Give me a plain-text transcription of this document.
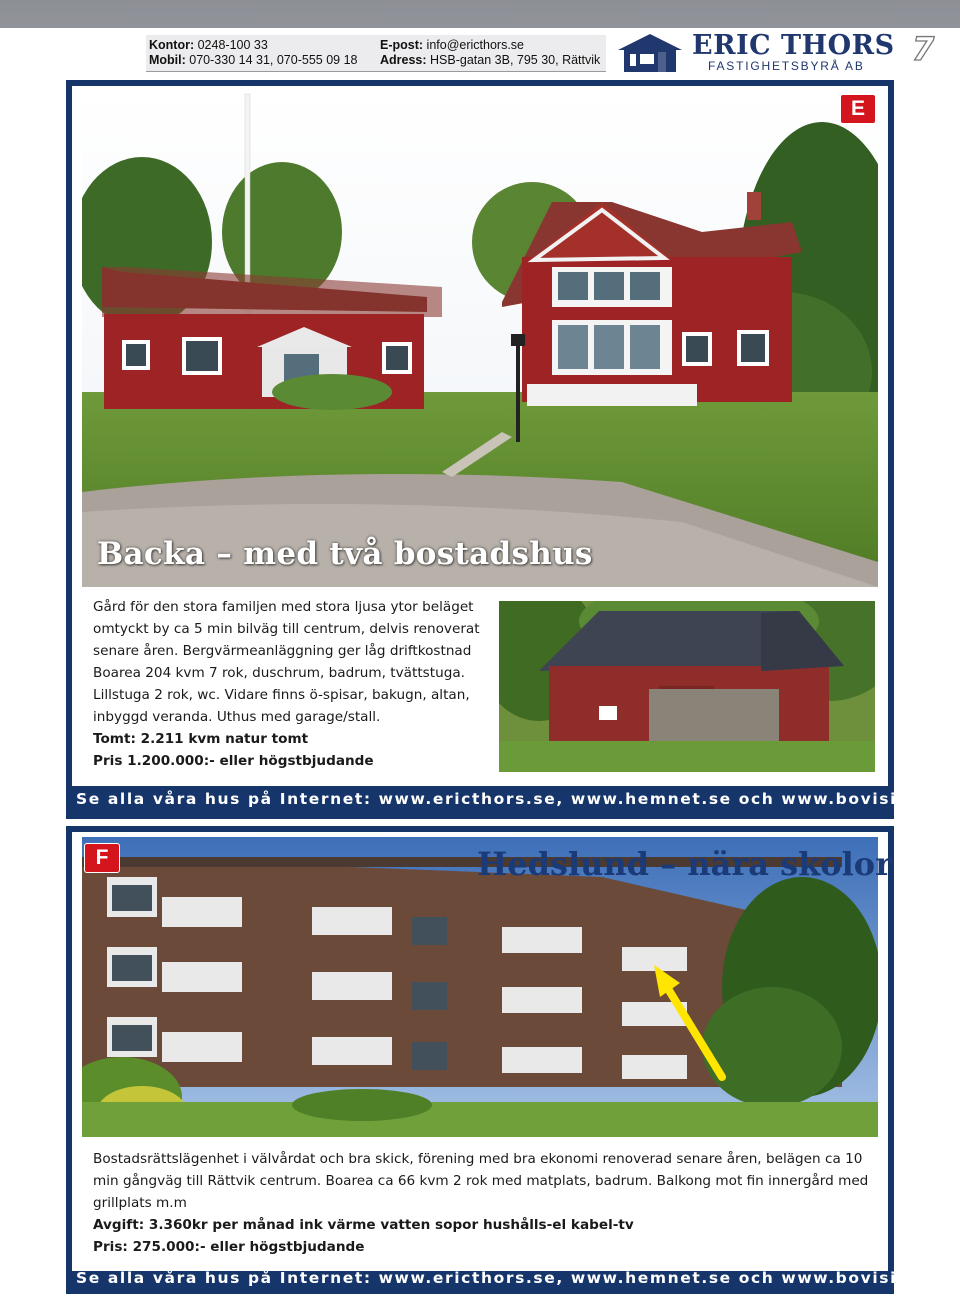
Kontor: 0248-100 33	E-post: info@ericthors.se
Mobil: 070-330 14 31, 070-555 09 18 Adress: HSB-gatan 3B, 795 30, Rättvik	ERIC THORS
FASTIGHETSBYRÅ AB 7
Se alla våra hus på Internet: www.ericthors.se, www.hemnet.se och www.bovision.se
Backa – med två bostadshus
E
Gård för den stora familjen med stora ljusa ytor beläget
omtyckt by ca 5 min bilväg till centrum, delvis renoverat
senare åren. Bergvärmeanläggning ger låg driftkostnad
Boarea 204 kvm 7 rok, duschrum, badrum, tvättstuga.
Lillstuga 2 rok, wc. Vidare finns ö-spisar, bakugn, altan,
inbyggd veranda. Uthus med garage/stall.
Tomt: 2.211 kvm natur tomt
Pris 1.200.000:- eller högstbjudande
Se alla våra hus på Internet: www.ericthors.se, www.hemnet.se och www.bovision.se
F	Hedslund – nära skolor
Bostadsrättslägenhet i välvårdat och bra skick, förening med bra ekonomi renoverad senare åren, belägen ca 10
min gångväg till Rättvik centrum. Boarea ca 66 kvm 2 rok med matplats, badrum. Balkong mot fin innergård med
grillplats m.m
Avgift: 3.360kr per månad ink värme vatten sopor hushålls-el kabel-tv
Pris: 275.000:- eller högstbjudande
